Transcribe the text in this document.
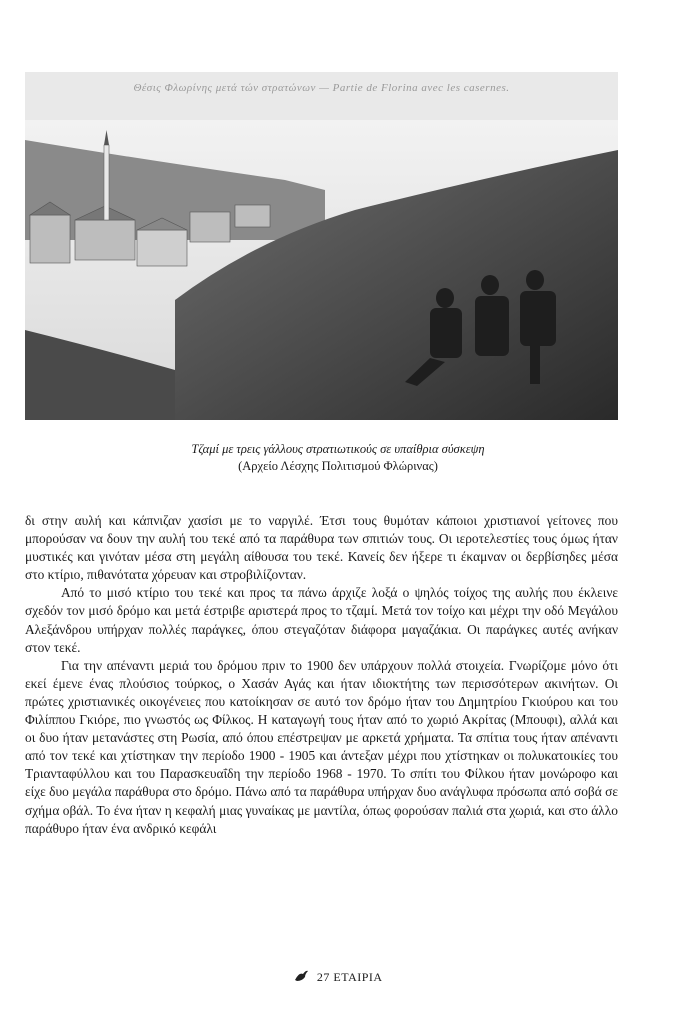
Θέσις Φλωρίνης μετά τών στρατώνων — Partie de Florina avec les casernes.
Τζαμί με τρεις γάλλους στρατιωτικούς σε υπαίθρια σύσκεψη
(Αρχείο Λέσχης Πολιτισμού Φλώρινας)

δι στην αυλή και κάπνιζαν χασίσι με το ναργιλέ. Έτσι τους θυμόταν κάποιοι χριστιανοί γείτονες που μπορούσαν να δουν την αυλή του τεκέ από τα παράθυρα των σπιτιών τους. Οι ιεροτελεστίες τους όμως ήταν μυστικές και γινόταν μέσα στη μεγάλη αίθουσα του τεκέ. Κανείς δεν ήξερε τι έκαμναν οι δερβίσηδες μέσα στο κτίριο, πιθανότατα χόρευαν και στροβιλίζονταν.

Από το μισό κτίριο του τεκέ και προς τα πάνω άρχιζε λοξά ο ψηλός τοίχος της αυλής που έκλεινε σχεδόν τον μισό δρόμο και μετά έστριβε αριστερά προς το τζαμί. Μετά τον τοίχο και μέχρι την οδό Μεγάλου Αλεξάνδρου υπήρχαν πολλές παράγκες, όπου στεγαζόταν διάφορα μαγαζάκια. Οι παράγκες αυτές ανήκαν στον τεκέ.

Για την απέναντι μεριά του δρόμου πριν το 1900 δεν υπάρχουν πολλά στοιχεία. Γνωρίζομε μόνο ότι εκεί έμενε ένας πλούσιος τούρκος, ο Χασάν Αγάς και ήταν ιδιοκτήτης των περισσότερων ακινήτων. Οι πρώτες χριστιανικές οικογένειες που κατοίκησαν σε αυτό τον δρόμο ήταν του Δημητρίου Γκιούρου και του Φιλίππου Γκιόρε, πιο γνωστός ως Φίλκος. Η καταγωγή τους ήταν από το χωριό Ακρίτας (Μπουφι), αλλά και οι δυο ήταν μετανάστες στη Ρωσία, από όπου επέστρεψαν με αρκετά χρήματα. Τα σπίτια τους ήταν απέναντι από τον τεκέ και χτίστηκαν την περίοδο 1900 - 1905 και άντεξαν μέχρι που χτίστηκαν οι πολυκατοικίες του Τριανταφύλλου και του Παρασκευαΐδη την περίοδο 1968 - 1970. Το σπίτι του Φίλκου ήταν μονώροφο και είχε δυο μεγάλα παράθυρα στο δρόμο. Πάνω από τα παράθυρα υπήρχαν δυο ανάγλυφα πρόσωπα από σοβά σε σχήμα οβάλ. Το ένα ήταν η κεφαλή μιας γυναίκας με μαντίλα, όπως φορούσαν παλιά στα χωριά, και στο άλλο παράθυρο ήταν ένα ανδρικό κεφάλι

27 ΕΤΑΙΡΙΑ
